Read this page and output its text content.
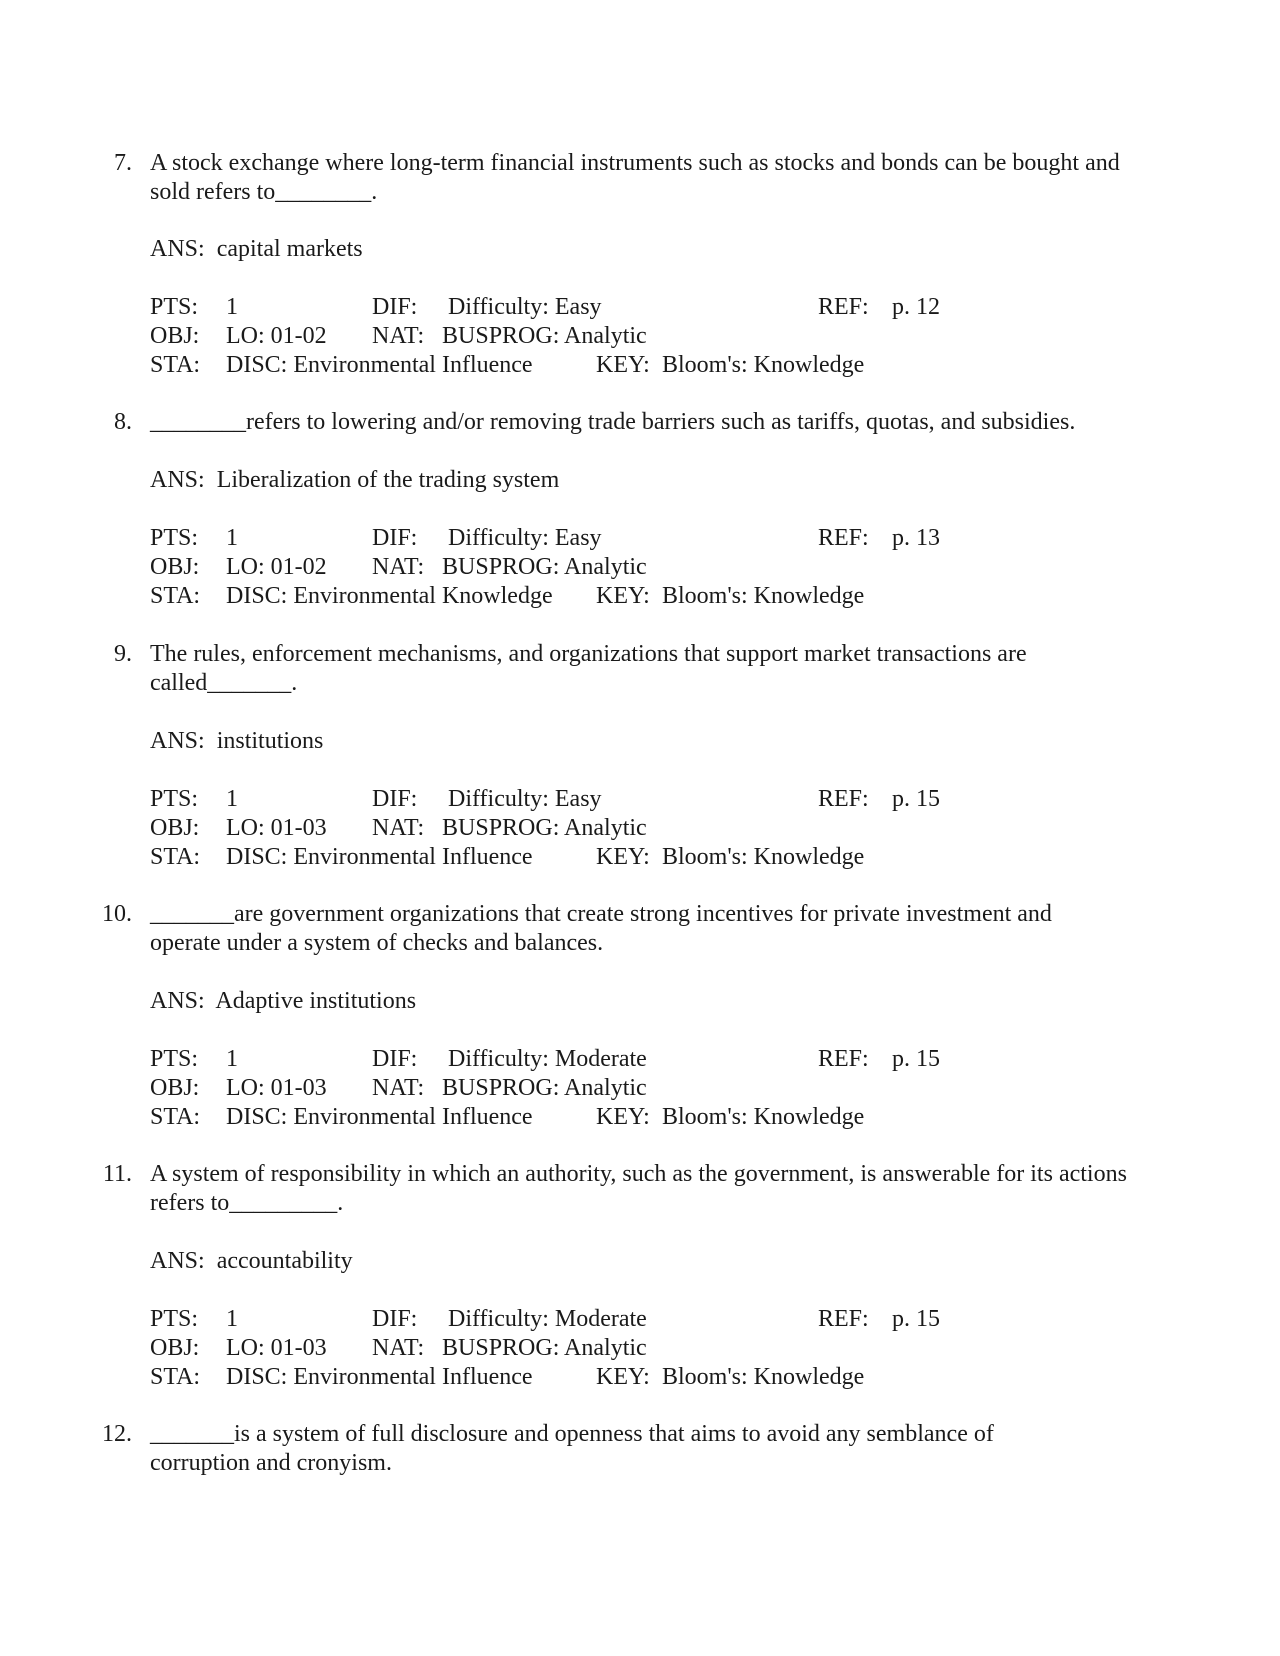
7. A stock exchange where long-term financial instruments such as stocks and bonds can be bought and sold refers to________.
ANS: capital markets
PTS: 1	DIF: Difficulty: Easy	REF: p. 12
OBJ: LO: 01-02 NAT: BUSPROG: Analytic
STA: DISC: Environmental Influence	KEY: Bloom's: Knowledge
8. ________refers to lowering and/or removing trade barriers such as tariffs, quotas, and subsidies.
ANS: Liberalization of the trading system
PTS: 1	DIF: Difficulty: Easy	REF: p. 13
OBJ: LO: 01-02 NAT: BUSPROG: Analytic
STA: DISC: Environmental Knowledge KEY: Bloom's: Knowledge
9. The rules, enforcement mechanisms, and organizations that support market transactions are called_______.
ANS: institutions
PTS: 1	DIF: Difficulty: Easy	REF: p. 15
OBJ: LO: 01-03 NAT: BUSPROG: Analytic
STA: DISC: Environmental Influence	KEY: Bloom's: Knowledge
10. _______are government organizations that create strong incentives for private investment and operate under a system of checks and balances.
ANS: Adaptive institutions
PTS: 1	DIF: Difficulty: Moderate	REF: p. 15
OBJ: LO: 01-03 NAT: BUSPROG: Analytic
STA: DISC: Environmental Influence	KEY: Bloom's: Knowledge
11. A system of responsibility in which an authority, such as the government, is answerable for its actions refers to_________.
ANS: accountability
PTS: 1	DIF: Difficulty: Moderate	REF: p. 15
OBJ: LO: 01-03 NAT: BUSPROG: Analytic
STA: DISC: Environmental Influence	KEY: Bloom's: Knowledge
12. _______is a system of full disclosure and openness that aims to avoid any semblance of corruption and cronyism.
